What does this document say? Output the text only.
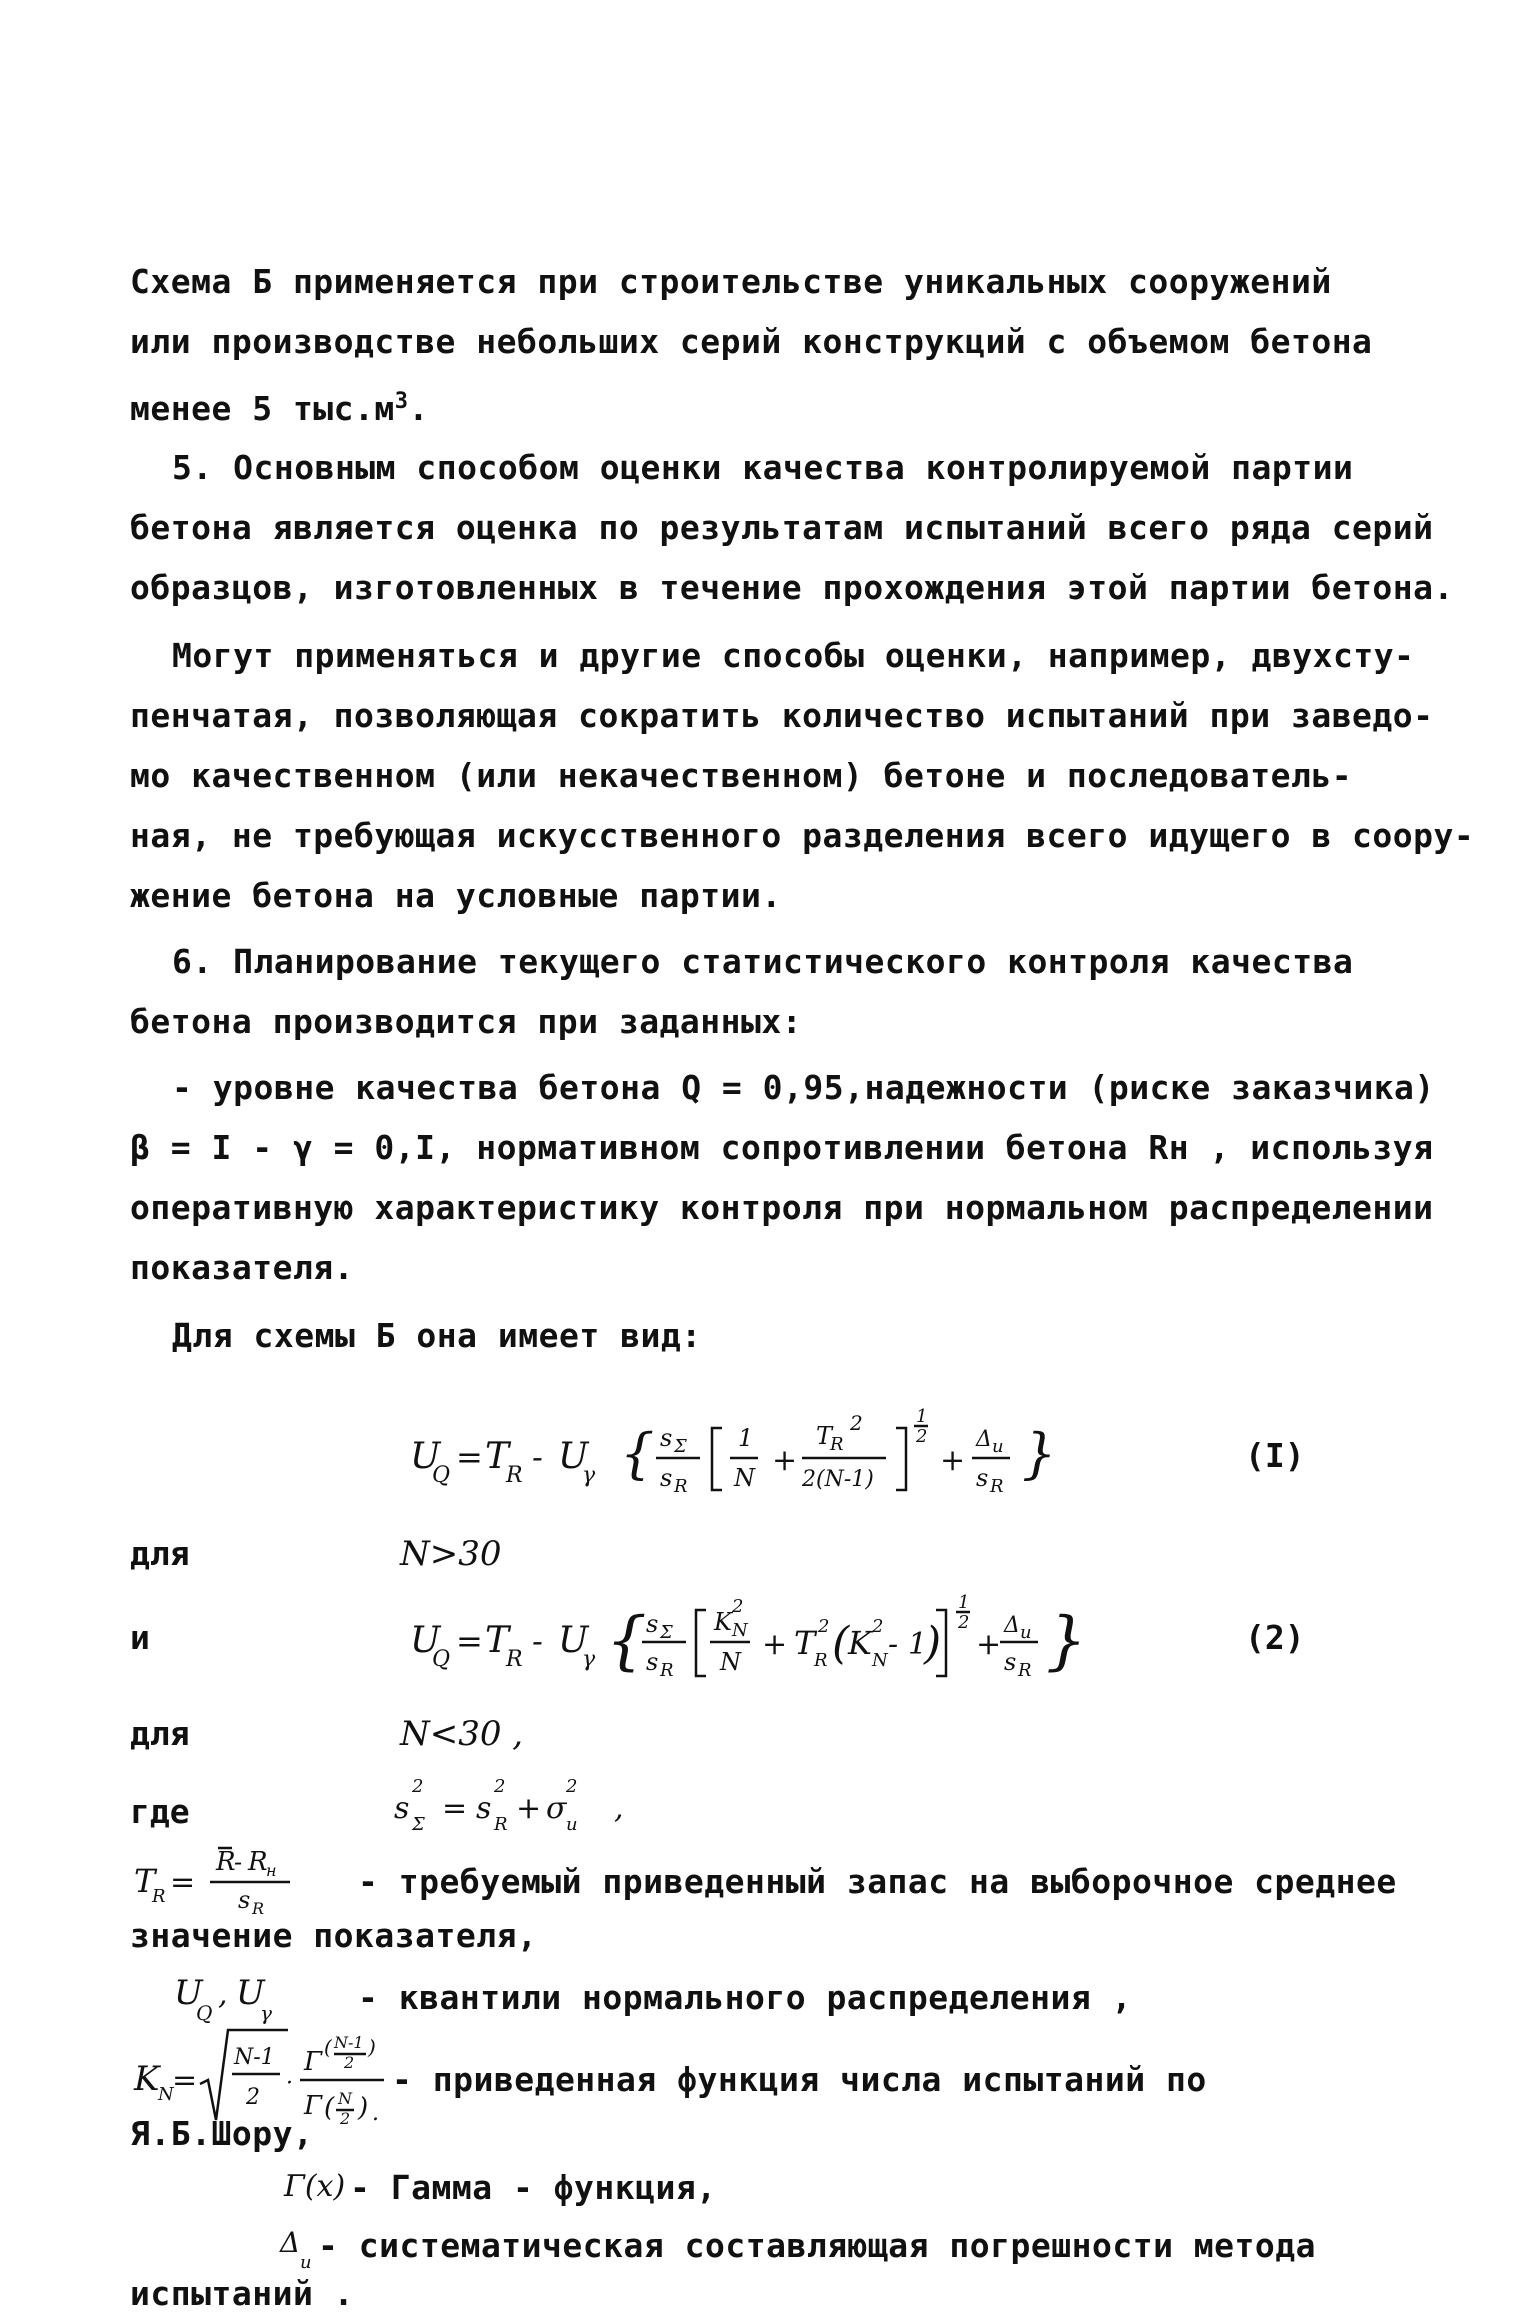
Схема Б применяется при строительстве уникальных сооружений
или производстве небольших серий конструкций с объемом бетона
менее 5 $тыс.м^3$.
5. Основным способом оценки качества контролируемой партии
бетона является оценка по результатам испытаний всего ряда серий
образцов, изготовленных в течение прохождения этой партии бетона.
Могут применяться и другие способы оценки, например, двухсту-
пенчатая, позволяющая сократить количество испытаний при заведо-
мо качественном (или некачественном) бетоне и последователь-
ная, не требующая искусственного разделения всего идущего в соору-
жение бетона на условные партии.
6. Планирование текущего статистического контроля качества
бетона производится при заданных:
- уровне качества бетона Q = 0,95,надежности (риске заказчика)
β = I - γ = 0,I, нормативном сопротивлении бетона Rн , используя
оперативную характеристику контроля при нормальном распределении
показателя.
Для схемы Б она имеет вид:
U
Q = T
R - U
γ { s Σ
s R
1
N +
T
R
2
2(N-1)
1
2
+
Δ u
s R
}	(I)
для	N>30
и	U
Q = T
R - U
γ { s Σ
s R
K N
2
N + T
R
2 (
K N
2
- 1
)
1
2
+
Δ u
s R }	(2)
для	N<30 ,
где	s Σ
2
= s R
2
+ σ u
2
,
T
R =
R
- R
н
s R
- требуемый приведенный запас на выборочное среднее
значение показателя,
U
Q
, U
γ	- квантили нормального распределения ,
K
N
=
N-1
2
·
Γ ( N-1
2
)
Γ ( N
2 ) .
- приведенная функция числа испытаний по
Я.Б.Шору,
Γ(x) - Гамма - функция,
Δ
u - систематическая составляющая погрешности метода
испытаний .
